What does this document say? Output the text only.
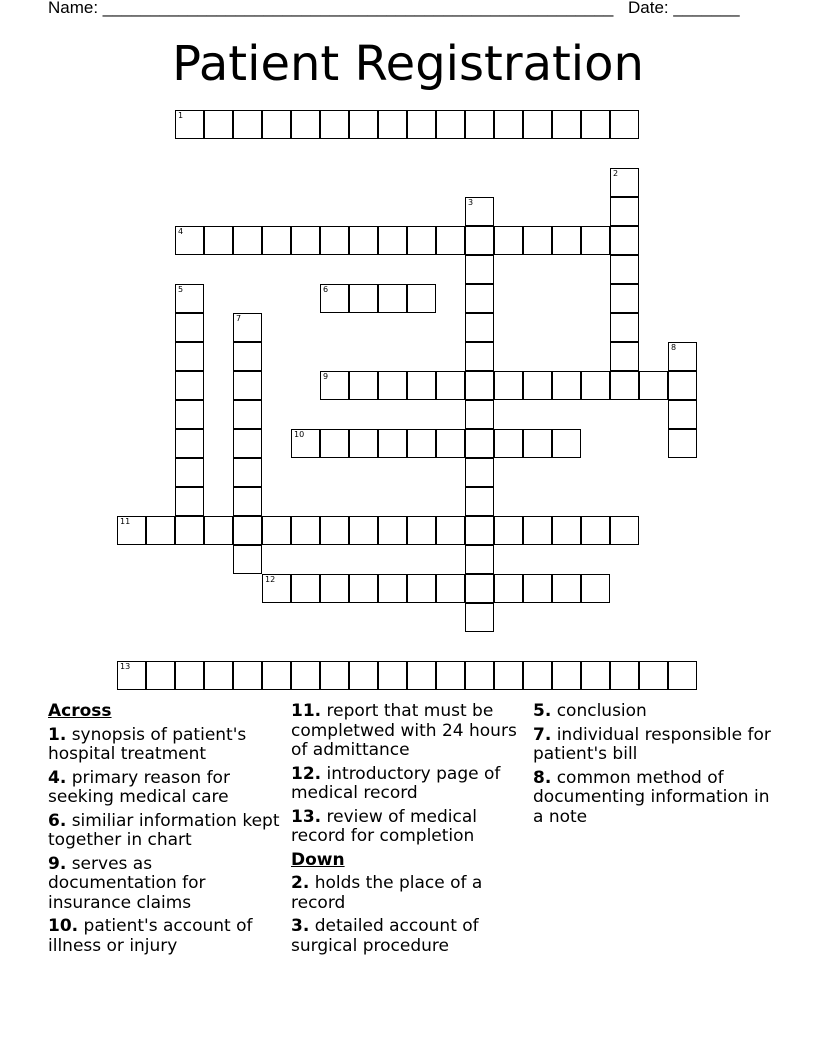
Name: ______________________________________________________ Date: _______
Patient Registration
1
2
3
4
5	6
7
8
9
10
11
12
13
Across
1. synopsis of patient's hospital treatment
4. primary reason for seeking medical care
6. similiar information kept together in chart
9. serves as documentation for insurance claims
10. patient's account of illness or injury
11. report that must be completwed with 24 hours of admittance
12. introductory page of medical record
13. review of medical record for completion
Down
2. holds the place of a record
3. detailed account of surgical procedure
5. conclusion
7. individual responsible for patient's bill
8. common method of documenting information in a note
